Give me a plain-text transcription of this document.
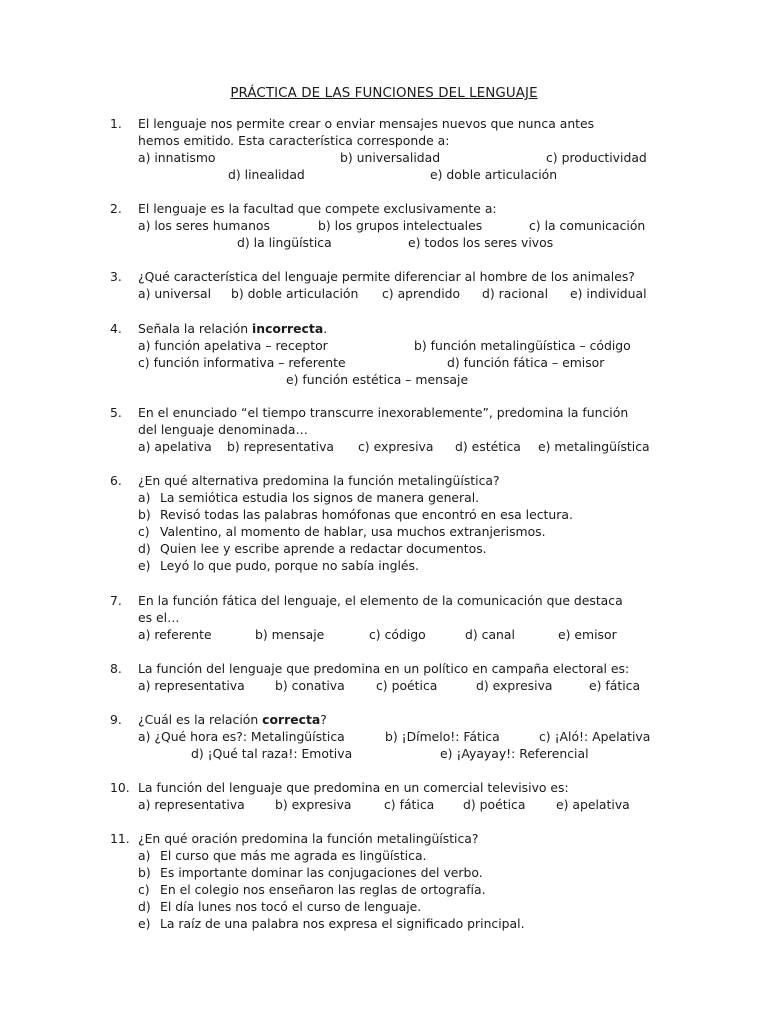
PRÁCTICA DE LAS FUNCIONES DEL LENGUAJE
1. El lenguaje nos permite crear o enviar mensajes nuevos que nunca antes
hemos emitido. Esta característica corresponde a:
a) innatismo	b) universalidad	c) productividad
d) linealidad	e) doble articulación
2. El lenguaje es la facultad que compete exclusivamente a:
a) los seres humanos	b) los grupos intelectuales	c) la comunicación
d) la lingüística	e) todos los seres vivos
3. ¿Qué característica del lenguaje permite diferenciar al hombre de los animales?
a) universal b) doble articulación c) aprendido d) racional e) individual
4. Señala la relación incorrecta.
a) función apelativa – receptor	b) función metalingüística – código
c) función informativa – referente	d) función fática – emisor
e) función estética – mensaje
5. En el enunciado “el tiempo transcurre inexorablemente”, predomina la función
del lenguaje denominada…
a) apelativa b) representativa c) expresiva d) estética e) metalingüística
6. ¿En qué alternativa predomina la función metalingüística?
a) La semiótica estudia los signos de manera general.
b) Revisó todas las palabras homófonas que encontró en esa lectura.
c) Valentino, al momento de hablar, usa muchos extranjerismos.
d) Quien lee y escribe aprende a redactar documentos.
e) Leyó lo que pudo, porque no sabía inglés.
7. En la función fática del lenguaje, el elemento de la comunicación que destaca
es el…
a) referente	b) mensaje	c) código	d) canal	e) emisor
8. La función del lenguaje que predomina en un político en campaña electoral es:
a) representativa b) conativa	c) poética	d) expresiva	e) fática
9. ¿Cuál es la relación correcta?
a) ¿Qué hora es?: Metalingüística	b) ¡Dímelo!: Fática	c) ¡Aló!: Apelativa
d) ¡Qué tal raza!: Emotiva	e) ¡Ayayay!: Referencial
10. La función del lenguaje que predomina en un comercial televisivo es:
a) representativa b) expresiva	c) fática d) poética e) apelativa
11. ¿En qué oración predomina la función metalingüística?
a) El curso que más me agrada es lingüística.
b) Es importante dominar las conjugaciones del verbo.
c) En el colegio nos enseñaron las reglas de ortografía.
d) El día lunes nos tocó el curso de lenguaje.
e) La raíz de una palabra nos expresa el significado principal.
